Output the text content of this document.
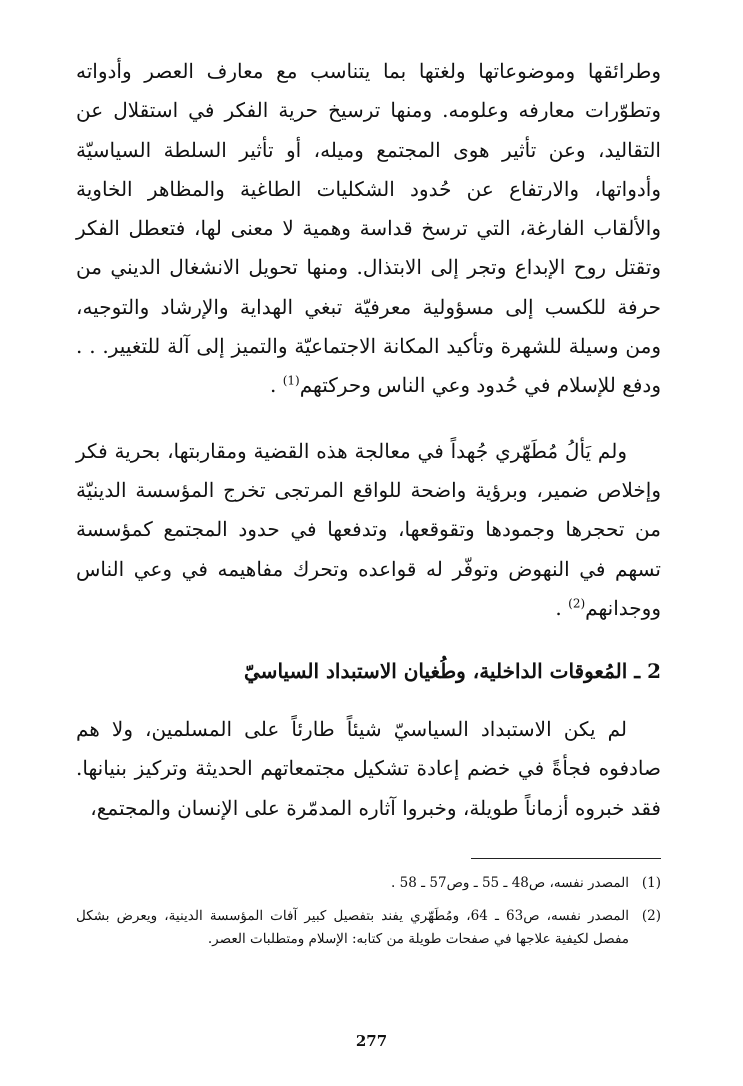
وطرائقها وموضوعاتها ولغتها بما يتناسب مع معارف العصر وأدواته وتطوّرات معارفه وعلومه. ومنها ترسيخ حرية الفكر في استقلال عن التقاليد، وعن تأثير هوى المجتمع وميله، أو تأثير السلطة السياسيّة وأدواتها، والارتفاع عن حُدود الشكليات الطاغية والمظاهر الخاوية والألقاب الفارغة، التي ترسخ قداسة وهمية لا معنى لها، فتعطل الفكر وتقتل روح الإبداع وتجر إلى الابتذال. ومنها تحويل الانشغال الديني من حرفة للكسب إلى مسؤولية معرفيّة تبغي الهداية والإرشاد والتوجيه، ومن وسيلة للشهرة وتأكيد المكانة الاجتماعيّة والتميز إلى آلة للتغيير. . . ودفع للإسلام في حُدود وعي الناس وحركتهم$^{(1)}$ .
ولم يَألُ مُطَهّري جُهداً في معالجة هذه القضية ومقاربتها، بحرية فكر وإخلاص ضمير، وبرؤية واضحة للواقع المرتجى تخرج المؤسسة الدينيّة من تحجرها وجمودها وتقوقعها، وتدفعها في حدود المجتمع كمؤسسة تسهم في النهوض وتوفّر له قواعده وتحرك مفاهيمه في وعي الناس ووجدانهم$^{(2)}$ .
2 ـ المُعوقات الداخلية، وطُغيان الاستبداد السياسيّ
لم يكن الاستبداد السياسيّ شيئاً طارئاً على المسلمين، ولا هم صادفوه فجأةً في خضم إعادة تشكيل مجتمعاتهم الحديثة وتركيز بنيانها. فقد خبروه أزماناً طويلة، وخبروا آثاره المدمّرة على الإنسان والمجتمع،
(1)
المصدر نفسه، ص48 ـ 55 ـ وص57 ـ 58 .
(2)
المصدر نفسه، ص63 ـ 64، ومُطَهّري يفند بتفصيل كبير آفات المؤسسة الدينية، ويعرض بشكل مفصل لكيفية علاجها في صفحات طويلة من كتابه: الإسلام ومتطلبات العصر.
277
